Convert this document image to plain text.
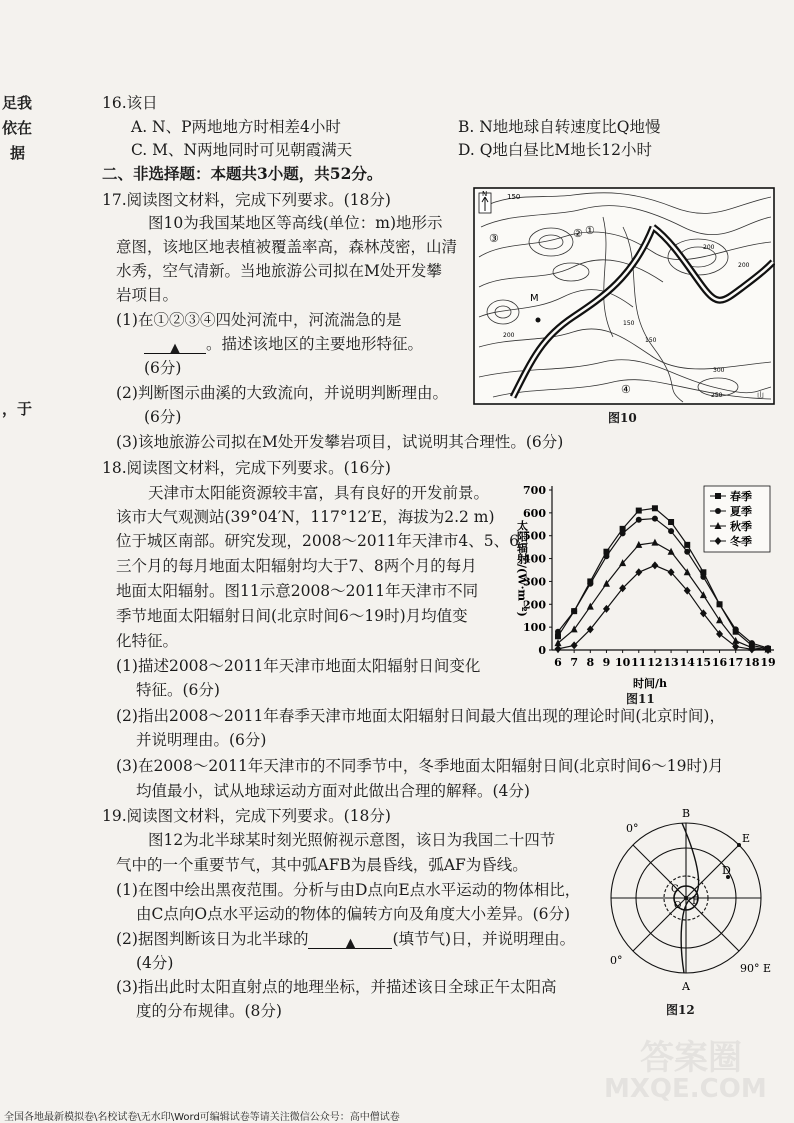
足我
依在
据
，于
16.该日
A. N、P两地地方时相差4小时	B. N地地球自转速度比Q地慢
C. M、N两地同时可见朝霞满天	D. Q地白昼比M地长12小时
二、非选择题：本题共3小题，共52分。
17.阅读图文材料，完成下列要求。(18分)
图10为我国某地区等高线(单位：m)地形示
意图，该地区地表植被覆盖率高，森林茂密，山清
水秀，空气清新。当地旅游公司拟在M处开发攀
岩项目。
(1)在①②③④四处河流中，河流湍急的是
▲ 。描述该地区的主要地形特征。
(6分)
(2)判断图示曲溪的大致流向，并说明判断理由。
(6分)
(3)该地旅游公司拟在M处开发攀岩项目，试说明其合理性。(6分)
N	150
①
②
③
④
M
200
150
150
200
300
200
250	山
图10
18.阅读图文材料，完成下列要求。(16分)
天津市太阳能资源较丰富，具有良好的开发前景。
该市大气观测站(39°04′N，117°12′E，海拔为2.2 m)
位于城区南部。研究发现，2008～2011年天津市4、5、6
三个月的每月地面太阳辐射均大于7、8两个月的每月
地面太阳辐射。图11示意2008～2011年天津市不同
季节地面太阳辐射日间(北京时间6～19时)月均值变
化特征。
(1)描述2008～2011年天津市地面太阳辐射日间变化
特征。(6分)
(2)指出2008～2011年春季天津市地面太阳辐射日间最大值出现的理论时间(北京时间)，
并说明理由。(6分)
(3)在2008～2011年天津市的不同季节中，冬季地面太阳辐射日间(北京时间6～19时)月
均值最小，试从地球运动方面对此做出合理的解释。(4分)
太阳辐射/(W·m⁻²)
0
100
200
300
400
500
600
700
6 7 8 9 10 11 12 13 14 15 16 17 18 19
春季
夏季
秋季
冬季
时间/h
图11
19.阅读图文材料，完成下列要求。(18分)
图12为北半球某时刻光照俯视示意图，该日为我国二十四节
气中的一个重要节气，其中弧AFB为晨昏线，弧AF为昏线。
(1)在图中绘出黑夜范围。分析与由D点向E点水平运动的物体相比，
由C点向O点水平运动的物体的偏转方向及角度大小差异。(6分)
(2)据图判断该日为北半球的	▲ (填节气)日，并说明理由。
(4分)
(3)指出此时太阳直射点的地理坐标，并描述该日全球正午太阳高
度的分布规律。(8分)
B
E
D
A
C
O F
0°
0°
90° E
图12
答案圈
MXQE.COM
全国各地最新模拟卷\名校试卷\无水印\Word可编辑试卷等请关注微信公众号：高中僧试卷
